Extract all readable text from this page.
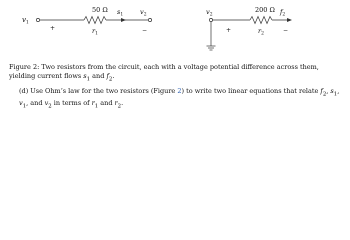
$v_1$
+
50 Ω
$r_1$
$s_1$	$v_2$
−
$v_2$
+
200 Ω
$r_2$
$f_2$
−

Figure 2: Two resistors from the circuit, each with a voltage potential difference across them, yielding current flows $s_1$ and $f_2$.

(d) Use Ohm’s law for the two resistors (Figure 2) to write two linear equations that relate $f_2$, $s_1$, $v_1$, and $v_2$ in terms of $r_1$ and $r_2$.
